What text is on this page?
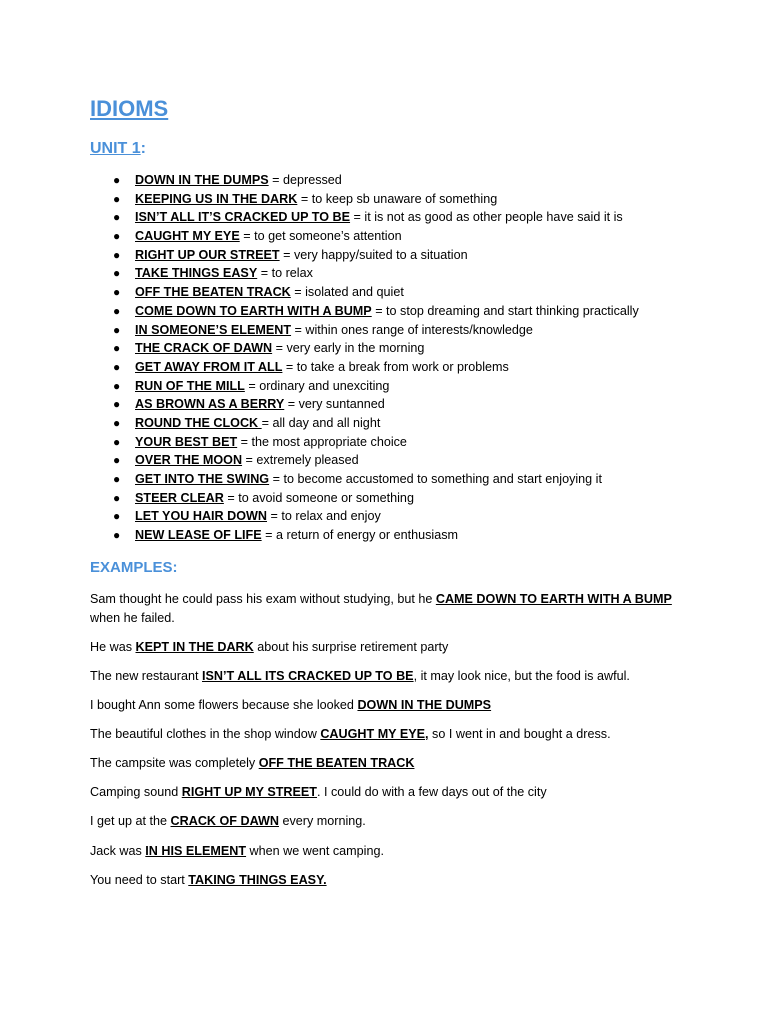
IDIOMS
UNIT 1:
● DOWN IN THE DUMPS = depressed
● KEEPING US IN THE DARK = to keep sb unaware of something
● ISN’T ALL IT’S CRACKED UP TO BE = it is not as good as other people have said it is
● CAUGHT MY EYE = to get someone’s attention
● RIGHT UP OUR STREET = very happy/suited to a situation
● TAKE THINGS EASY = to relax
● OFF THE BEATEN TRACK = isolated and quiet
● COME DOWN TO EARTH WITH A BUMP = to stop dreaming and start thinking practically
● IN SOMEONE’S ELEMENT = within ones range of interests/knowledge
● THE CRACK OF DAWN = very early in the morning
● GET AWAY FROM IT ALL = to take a break from work or problems
● RUN OF THE MILL = ordinary and unexciting
● AS BROWN AS A BERRY = very suntanned
● ROUND THE CLOCK = all day and all night
● YOUR BEST BET = the most appropriate choice
● OVER THE MOON = extremely pleased
● GET INTO THE SWING = to become accustomed to something and start enjoying it
● STEER CLEAR = to avoid someone or something
● LET YOU HAIR DOWN = to relax and enjoy
● NEW LEASE OF LIFE = a return of energy or enthusiasm
EXAMPLES:

Sam thought he could pass his exam without studying, but he CAME DOWN TO EARTH WITH A BUMP when he failed.

He was KEPT IN THE DARK about his surprise retirement party

The new restaurant ISN’T ALL ITS CRACKED UP TO BE, it may look nice, but the food is awful.

I bought Ann some flowers because she looked DOWN IN THE DUMPS

The beautiful clothes in the shop window CAUGHT MY EYE, so I went in and bought a dress.

The campsite was completely OFF THE BEATEN TRACK

Camping sound RIGHT UP MY STREET. I could do with a few days out of the city

I get up at the CRACK OF DAWN every morning.

Jack was IN HIS ELEMENT when we went camping.

You need to start TAKING THINGS EASY.
